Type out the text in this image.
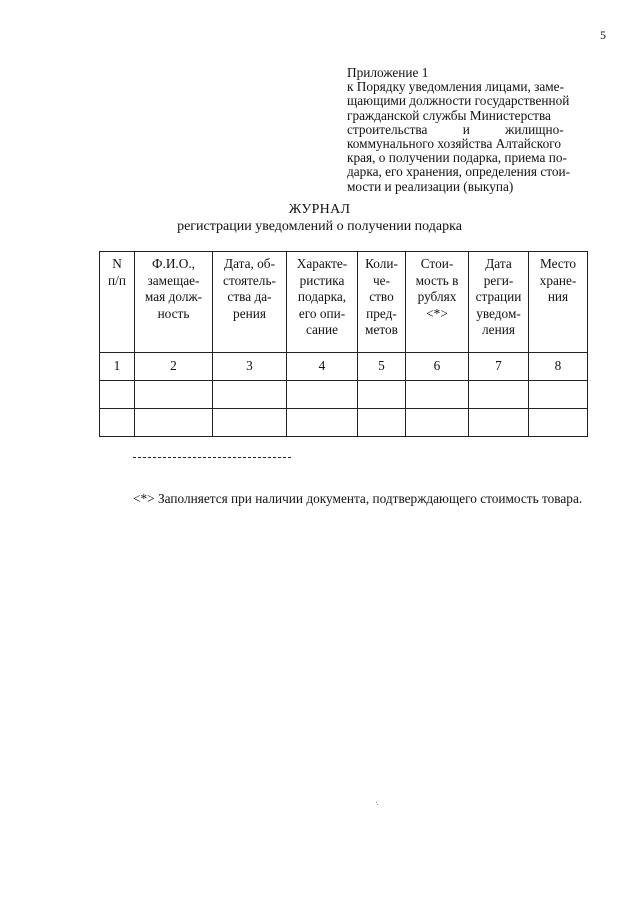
5
Приложение 1
к Порядку уведомления лицами, заме-
щающими должности государственной
гражданской службы Министерства
строительства и жилищно-
коммунального хозяйства Алтайского
края, о получении подарка, приема по-
дарка, его хранения, определения стои-
мости и реализации (выкупа)
ЖУРНАЛ
регистрации уведомлений о получении подарка
N
п/п	Ф.И.О.,
замещае-
мая долж-
ность	Дата, об-
стоятель-
ства да-
рения	Характе-
ристика
подарка,
его опи-
сание	Коли-
че-
ство
пред-
метов	Стои-
мость в
рублях
<*>	Дата
реги-
страции
уведом-
ления	Место
хране-
ния

1	2	3	4	5	6	7	8

<*> Заполняется при наличии документа, подтверждающего стоимость товара.
